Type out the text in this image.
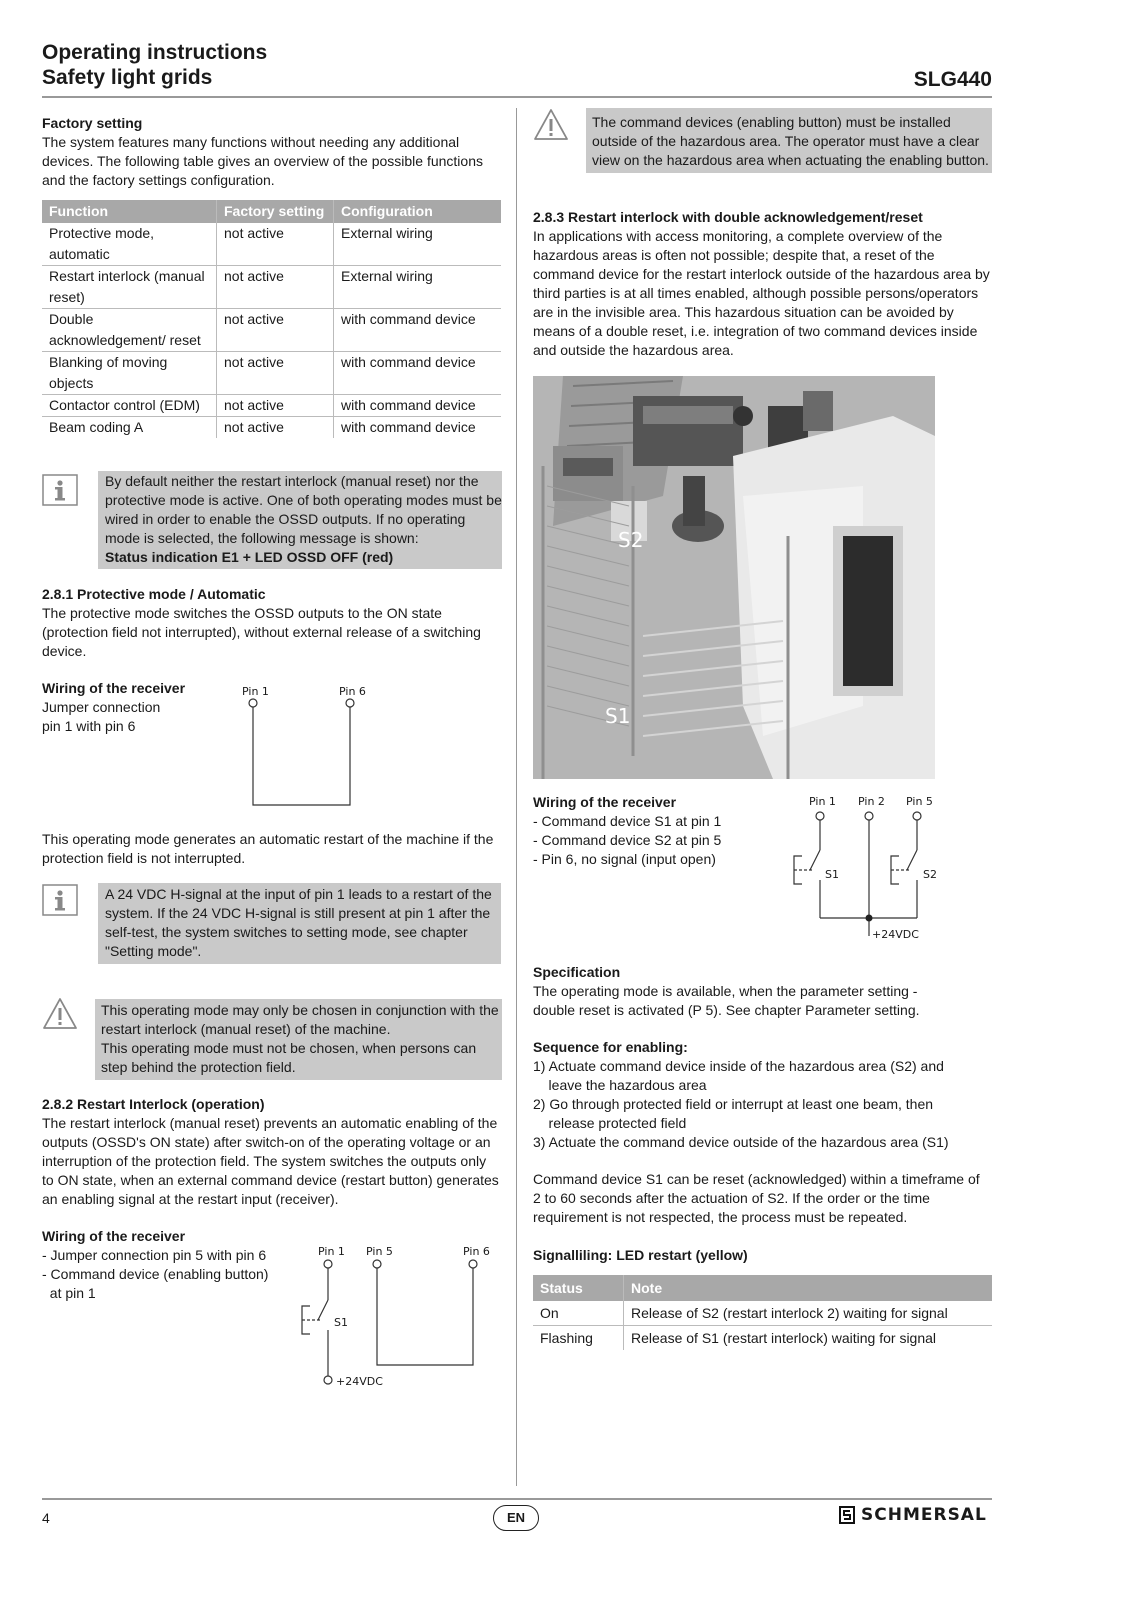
Operating instructions
Safety light grids	SLG440
Factory setting
The system features many functions without needing any additional devices. The following table gives an overview of the possible functions and the factory settings configuration.
Function	Factory setting	Configuration
Protective mode, automatic	not active	External wiring
Restart interlock (manual reset)	not active	External wiring
Double acknowledgement/ reset	not active	with command device
Blanking of moving objects	not active	with command device
Contactor control (EDM)	not active	with command device
Beam coding A	not active	with command device
By default neither the restart interlock (manual reset) nor the protective mode is active. One of both operating modes must be wired in order to enable the OSSD outputs. If no operating mode is selected, the following message is shown:
Status indication E1 + LED OSSD OFF (red)
2.8.1 Protective mode / Automatic
The protective mode switches the OSSD outputs to the ON state (protection field not interrupted), without external release of a switching device.
Wiring of the receiver
Jumper connection
pin 1 with pin 6
Pin 1	Pin 6
This operating mode generates an automatic restart of the machine if the protection field is not interrupted.
A 24 VDC H-signal at the input of pin 1 leads to a restart of the system. If the 24 VDC H-signal is still present at pin 1 after the self-test, the system switches to setting mode, see chapter "Setting mode".
This operating mode may only be chosen in conjunction with the restart interlock (manual reset) of the machine.
This operating mode must not be chosen, when persons can step behind the protection field.
2.8.2 Restart Interlock (operation)
The restart interlock (manual reset) prevents an automatic enabling of the outputs (OSSD's ON state) after switch-on of the operating voltage or an interruption of the protection field. The system switches the outputs only to ON state, when an external command device (restart button) generates an enabling signal at the restart input (receiver).
Wiring of the receiver
- Jumper connection pin 5 with pin 6
- Command device (enabling button)
at pin 1
Pin 1 Pin 5	Pin 6
S1
+24VDC
The command devices (enabling button) must be installed outside of the hazardous area. The operator must have a clear view on the hazardous area when actuating the enabling button.
2.8.3 Restart interlock with double acknowledgement/reset
In applications with access monitoring, a complete overview of the hazardous areas is often not possible; despite that, a reset of the command device for the restart interlock outside of the hazardous area by third parties is at all times enabled, although possible persons/operators are in the invisible area. This hazardous situation can be avoided by means of a double reset, i.e. integration of two command devices inside and outside the hazardous area.
S2
S1
Wiring of the receiver
- Command device S1 at pin 1
- Command device S2 at pin 5
- Pin 6, no signal (input open)
Pin 1 Pin 2 Pin 5
S1	S2
+24VDC
Specification
The operating mode is available, when the parameter setting - double reset is activated (P 5). See chapter Parameter setting.
Sequence for enabling:
1) Actuate command device inside of the hazardous area (S2) and
leave the hazardous area
2) Go through protected field or interrupt at least one beam, then
release protected field
3) Actuate the command device outside of the hazardous area (S1)
Command device S1 can be reset (acknowledged) within a timeframe of 2 to 60 seconds after the actuation of S2. If the order or the time requirement is not respected, the process must be repeated.
Signalliling: LED restart (yellow)
Status	Note
On	Release of S2 (restart interlock 2) waiting for signal
Flashing	Release of S1 (restart interlock) waiting for signal
4	EN	SCHMERSAL
